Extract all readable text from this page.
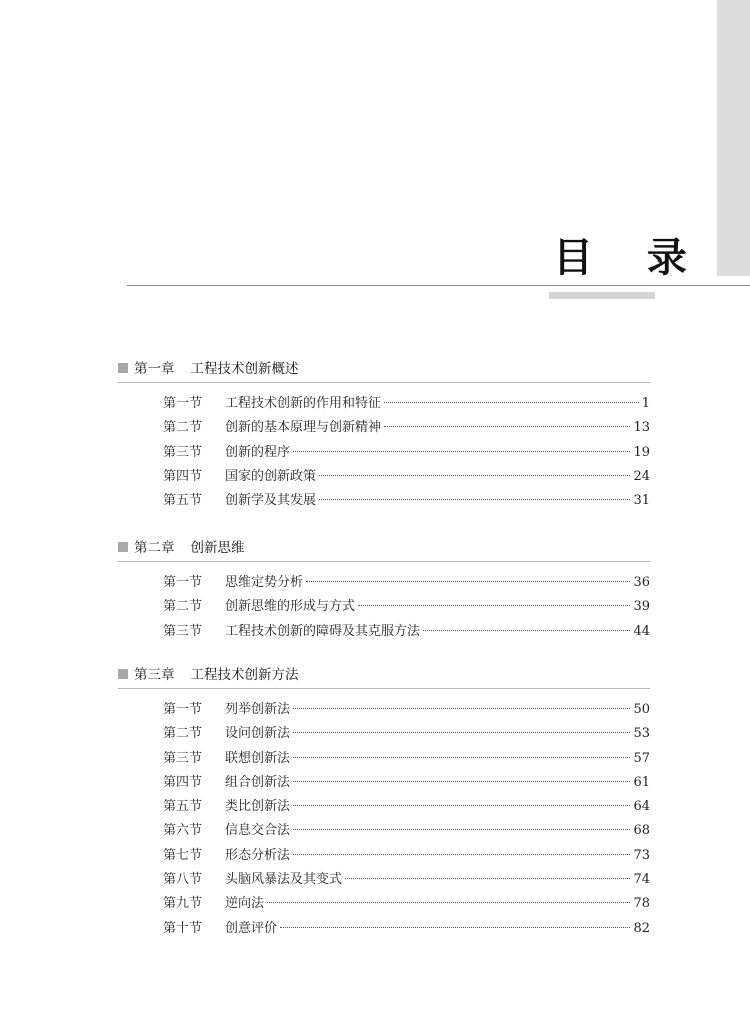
目 录
第一章 工程技术创新概述
第一节	工程技术创新的作用和特征	1
第二节	创新的基本原理与创新精神	13
第三节	创新的程序	19
第四节	国家的创新政策	24
第五节	创新学及其发展	31
第二章 创新思维
第一节	思维定势分析	36
第二节	创新思维的形成与方式	39
第三节	工程技术创新的障碍及其克服方法	44
第三章 工程技术创新方法
第一节	列举创新法	50
第二节	设问创新法	53
第三节	联想创新法	57
第四节	组合创新法	61
第五节	类比创新法	64
第六节	信息交合法	68
第七节	形态分析法	73
第八节	头脑风暴法及其变式	74
第九节	逆向法	78
第十节	创意评价	82
